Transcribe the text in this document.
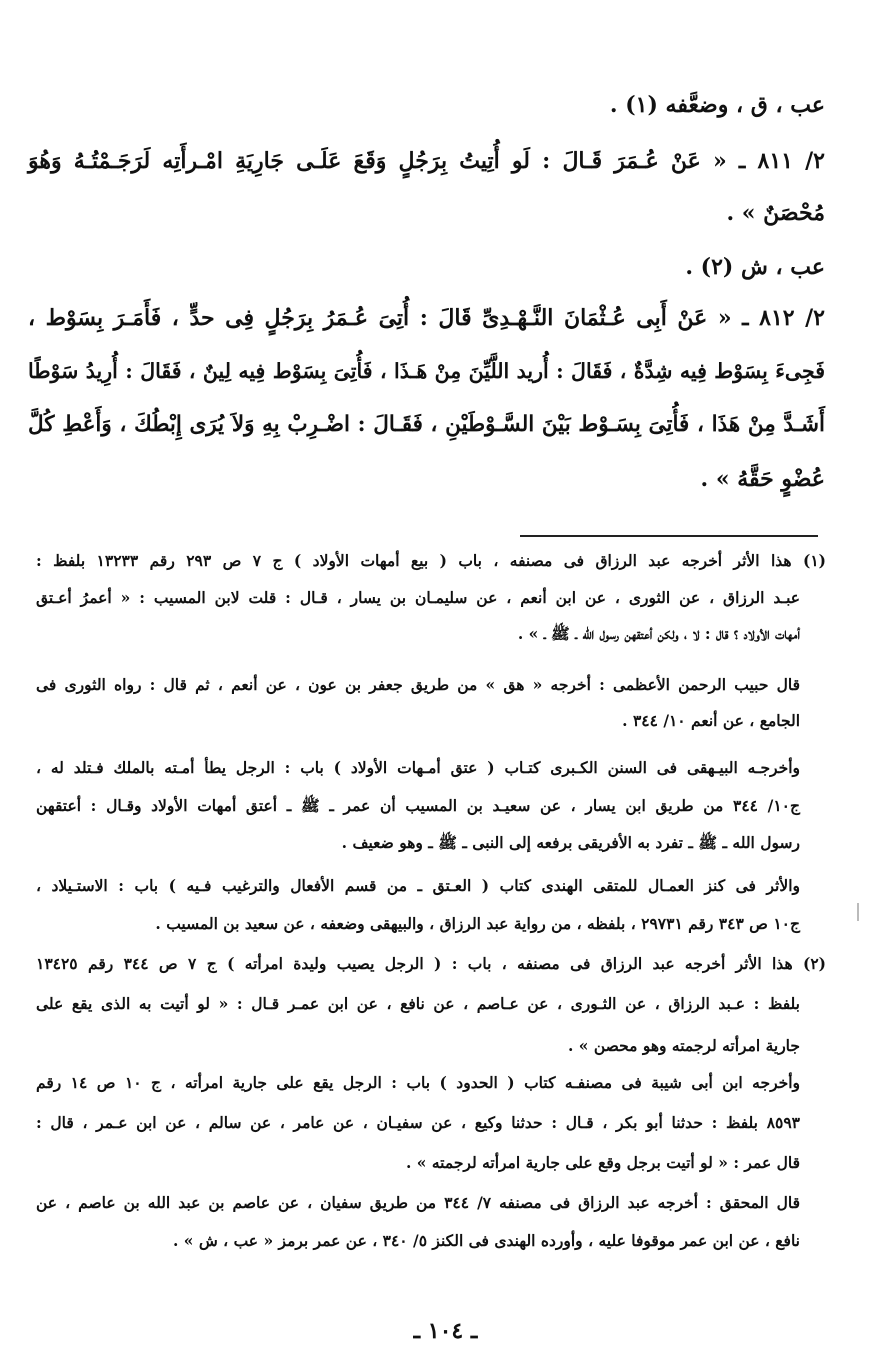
عب ، ق ، وضعَّفه (١) .
٢/ ٨١١ ـ « عَنْ عُـمَرَ قَـالَ : لَو أُتِيتُ بِرَجُلٍ وَقَعَ عَلَـى جَارِيَةِ امْـرأَتِه لَرَجَـمْتُـهُ وَهُوَ
مُحْصَنٌ » .
عب ، ش (٢) .
٢/ ٨١٢ ـ « عَنْ أَبِى عُـثْمَانَ النَّـهْـدِىِّ قَالَ : أُتِىَ عُـمَرُ بِرَجُلٍ فِى حدٍّ ، فَأَمَـرَ بِسَوْط ،
فَجِىءَ بِسَوْط فِيه شِدَّةٌ ، فَقَالَ : أُريد اللَّيِّنَ مِنْ هَـذَا ، فَأُتِىَ بِسَوْط فِيه لِينٌ ، فَقَالَ : أُرِيدُ سَوْطًا
أَشَـدَّ مِنْ هَذَا ، فَأُتِىَ بِسَـوْط بَيْنَ السَّـوْطَيْنِ ، فَقَـالَ : اضْـرِبْ بِهِ وَلاَ يُرَى إِبْطُكَ ، وَأَعْطِ كُلَّ
عُضْوٍ حَقَّهُ » .
(١) هذا الأثر أخرجه عبد الرزاق فى مصنفه ، باب ( بيع أمهات الأولاد ) ج ٧ ص ٢٩٣ رقم ١٣٢٣٣ بلفظ :
عبـد الرزاق ، عن الثورى ، عن ابن أنعم ، عن سليمـان بن يسار ، قـال : قلت لابن المسيب : « أعمرُ أعـتق
أمهات الأولاد ؟ قال : لا ، ولكن أعتقهن رسول الله ـ ﷺ ـ » .
قال حبيب الرحمن الأعظمى : أخرجه « هق » من طريق جعفر بن عون ، عن أنعم ، ثم قال : رواه الثورى فى
الجامع ، عن أنعم ١٠/ ٣٤٤ .
وأخرجـه البيـهقى فى السنن الكـبرى كتـاب ( عتق أمـهات الأولاد ) باب : الرجل يطأ أمـته بالملك فـتلد له ،
ج١٠/ ٣٤٤ من طريق ابن يسار ، عن سعيـد بن المسيب أن عمر ـ ﷺ ـ أعتق أمهات الأولاد وقـال : أعتقهن
رسول الله ـ ﷺ ـ تفرد به الأفريقى برفعه إلى النبى ـ ﷺ ـ وهو ضعيف .
والأثر فى كنز العمـال للمتقى الهندى كتاب ( العـتق ـ من قسم الأفعال والترغيب فـيه ) باب : الاستـيلاد ،
ج١٠ ص ٣٤٣ رقم ٢٩٧٣١ ، بلفظه ، من رواية عبد الرزاق ، والبيهقى وضعفه ، عن سعيد بن المسيب .
(٢) هذا الأثر أخرجه عبد الرزاق فى مصنفه ، باب : ( الرجل يصيب وليدة امرأته ) ج ٧ ص ٣٤٤ رقم ١٣٤٢٥
بلفظ : عـبد الرزاق ، عن الثـورى ، عن عـاصم ، عن نافع ، عن ابن عمـر قـال : « لو أتيت به الذى يقع على
جارية امرأته لرجمته وهو محصن » .
وأخرجه ابن أبى شيبة فى مصنفـه كتاب ( الحدود ) باب : الرجل يقع على جارية امرأته ، ج ١٠ ص ١٤ رقم
٨٥٩٣ بلفظ : حدثنا أبو بكر ، قـال : حدثنا وكيع ، عن سفيـان ، عن عامر ، عن سالم ، عن ابن عـمر ، قال :
قال عمر : « لو أتيت برجل وقع على جارية امرأته لرجمته » .
قال المحقق : أخرجه عبد الرزاق فى مصنفه ٧/ ٣٤٤ من طريق سفيان ، عن عاصم بن عبد الله بن عاصم ، عن
نافع ، عن ابن عمر موقوفا عليه ، وأورده الهندى فى الكنز ٥/ ٣٤٠ ، عن عمر برمز « عب ، ش » .
ـ ١٠٤ ـ
